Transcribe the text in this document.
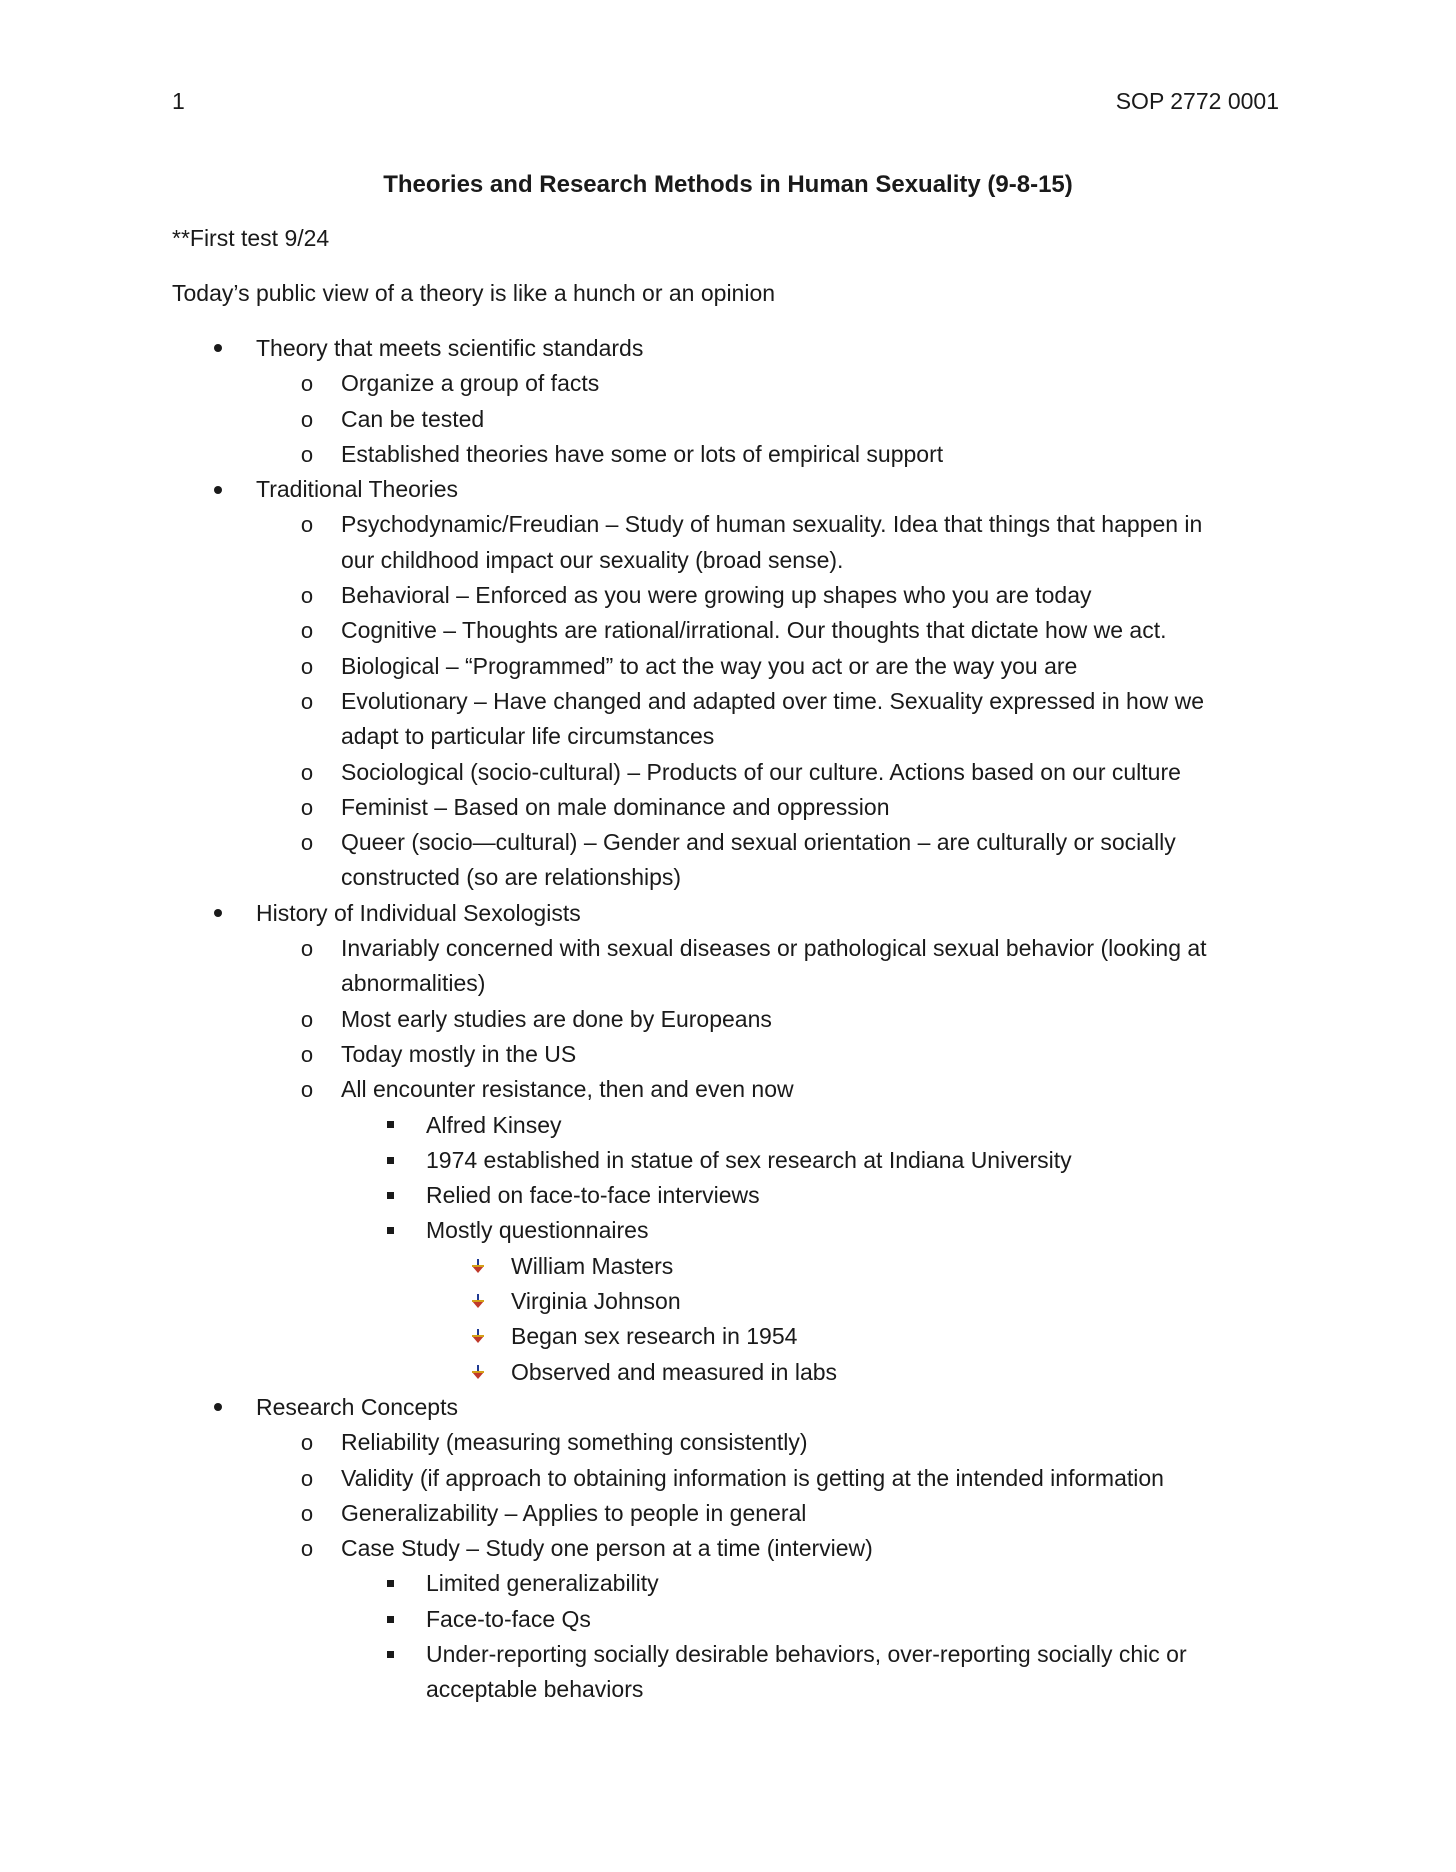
1	SOP 2772 0001
Theories and Research Methods in Human Sexuality (9-8-15)
**First test 9/24
Today’s public view of a theory is like a hunch or an opinion
Theory that meets scientific standards
o Organize a group of facts
o Can be tested
o Established theories have some or lots of empirical support
Traditional Theories
o Psychodynamic/Freudian – Study of human sexuality. Idea that things that happen in our childhood impact our sexuality (broad sense).
o Behavioral – Enforced as you were growing up shapes who you are today
o Cognitive – Thoughts are rational/irrational. Our thoughts that dictate how we act.
o Biological – “Programmed” to act the way you act or are the way you are
o Evolutionary – Have changed and adapted over time. Sexuality expressed in how we adapt to particular life circumstances
o Sociological (socio-cultural) – Products of our culture. Actions based on our culture
o Feminist – Based on male dominance and oppression
o Queer (socio—cultural) – Gender and sexual orientation – are culturally or socially constructed (so are relationships)
History of Individual Sexologists
o Invariably concerned with sexual diseases or pathological sexual behavior (looking at abnormalities)
o Most early studies are done by Europeans
o Today mostly in the US
o All encounter resistance, then and even now
Alfred Kinsey
1974 established in statue of sex research at Indiana University
Relied on face-to-face interviews
Mostly questionnaires
William Masters
Virginia Johnson
Began sex research in 1954
Observed and measured in labs
Research Concepts
o Reliability (measuring something consistently)
o Validity (if approach to obtaining information is getting at the intended information
o Generalizability – Applies to people in general
o Case Study – Study one person at a time (interview)
Limited generalizability
Face-to-face Qs
Under-reporting socially desirable behaviors, over-reporting socially chic or acceptable behaviors
